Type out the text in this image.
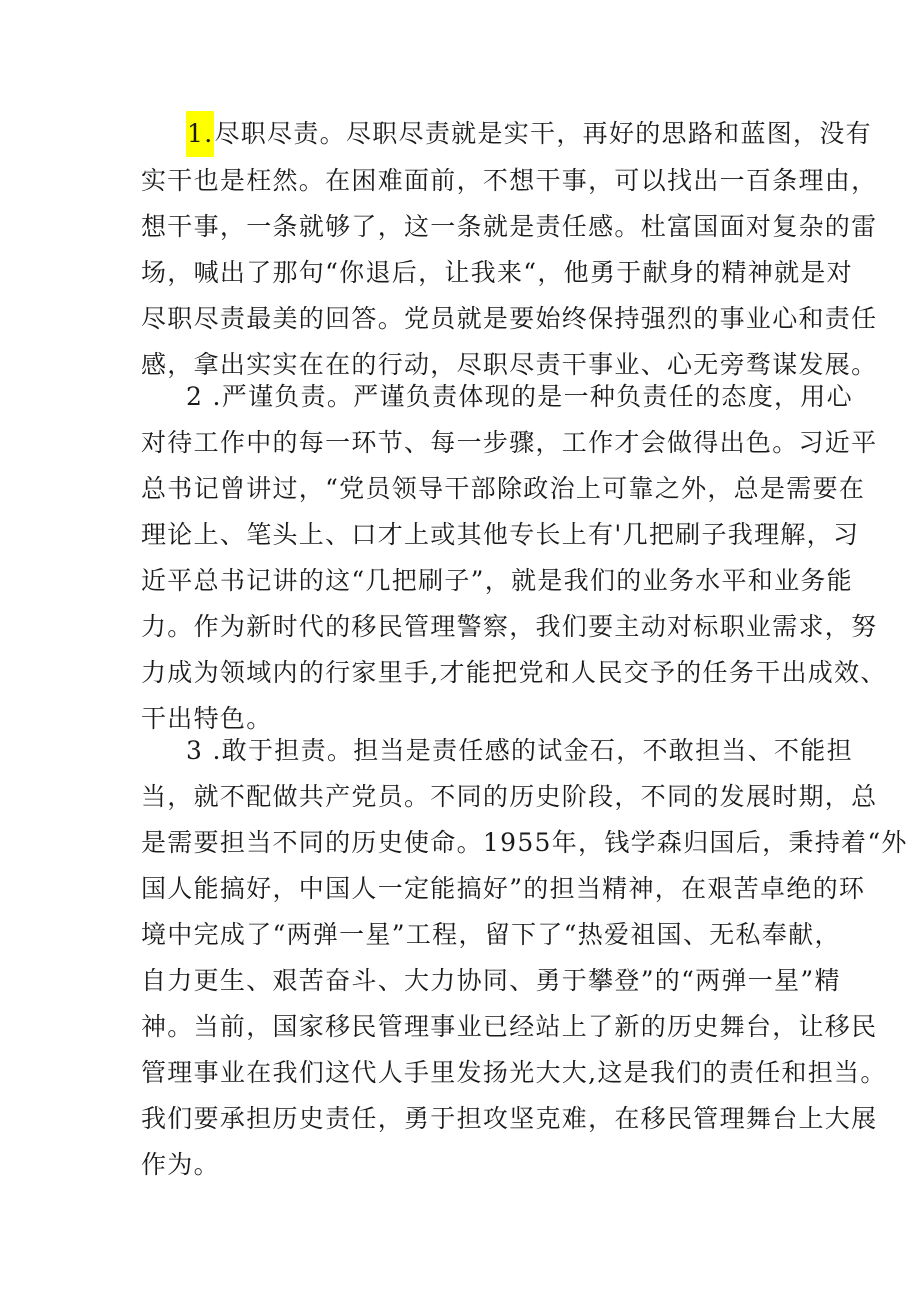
1.尽职尽责。尽职尽责就是实干，再好的思路和蓝图，没有
实干也是枉然。在困难面前，不想干事，可以找出一百条理由，
想干事，一条就够了，这一条就是责任感。杜富国面对复杂的雷
场，喊出了那句“你退后，让我来“，他勇于献身的精神就是对
尽职尽责最美的回答。党员就是要始终保持强烈的事业心和责任
感，拿出实实在在的行动，尽职尽责干事业、心无旁骛谋发展。
2 .严谨负责。严谨负责体现的是一种负责任的态度，用心
对待工作中的每一环节、每一步骤，工作才会做得出色。习近平
总书记曾讲过，“党员领导干部除政治上可靠之外，总是需要在
理论上、笔头上、口才上或其他专长上有'几把刷子我理解，习
近平总书记讲的这“几把刷子”，就是我们的业务水平和业务能
力。作为新时代的移民管理警察，我们要主动对标职业需求，努
力成为领域内的行家里手,才能把党和人民交予的任务干出成效、
干出特色。
3 .敢于担责。担当是责任感的试金石，不敢担当、不能担
当，就不配做共产党员。不同的历史阶段，不同的发展时期，总
是需要担当不同的历史使命。1955年，钱学森归国后，秉持着“外
国人能搞好，中国人一定能搞好”的担当精神，在艰苦卓绝的环
境中完成了“两弹一星”工程，留下了“热爱祖国、无私奉献，
自力更生、艰苦奋斗、大力协同、勇于攀登”的“两弹一星”精
神。当前，国家移民管理事业已经站上了新的历史舞台，让移民
管理事业在我们这代人手里发扬光大大,这是我们的责任和担当。
我们要承担历史责任，勇于担攻坚克难，在移民管理舞台上大展
作为。
